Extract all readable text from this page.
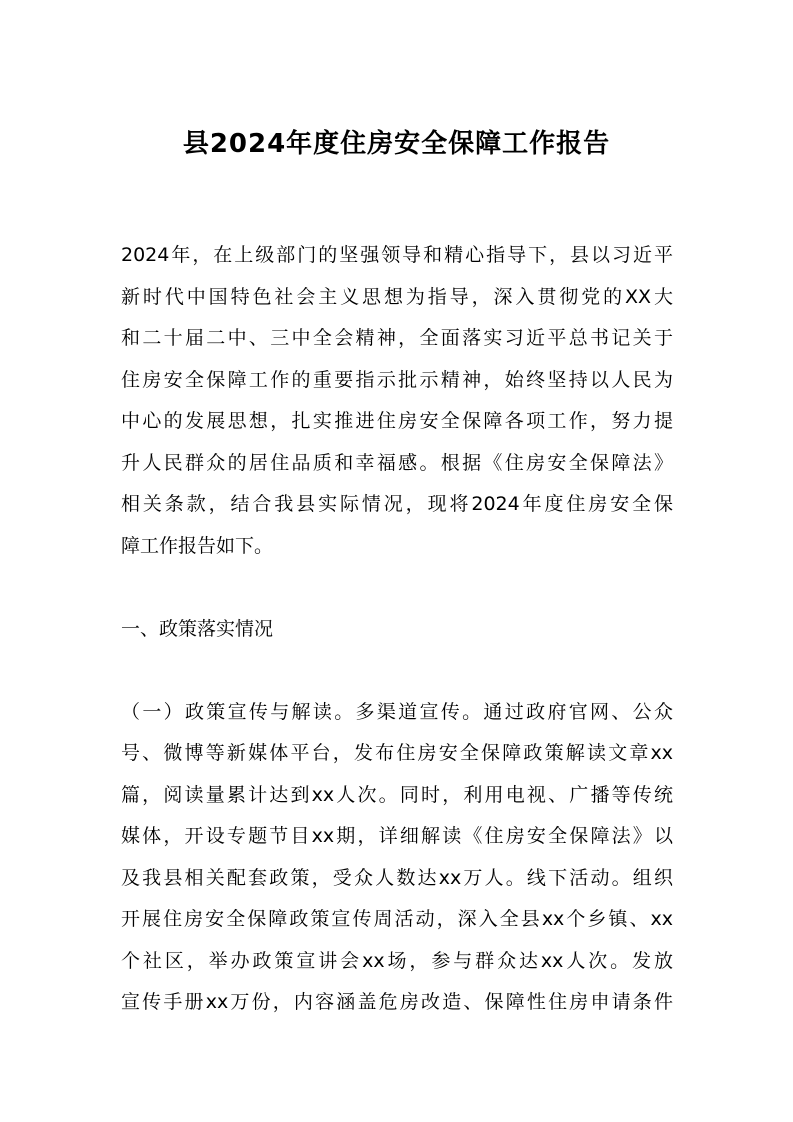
县2024年度住房安全保障工作报告
2024年，在上级部门的坚强领导和精心指导下，县以习近平
新时代中国特色社会主义思想为指导，深入贯彻党的XX大
和二十届二中、三中全会精神，全面落实习近平总书记关于
住房安全保障工作的重要指示批示精神，始终坚持以人民为
中心的发展思想，扎实推进住房安全保障各项工作，努力提
升人民群众的居住品质和幸福感。根据《住房安全保障法》
相关条款，结合我县实际情况，现将2024年度住房安全保
障工作报告如下。
一、政策落实情况
（一）政策宣传与解读。多渠道宣传。通过政府官网、公众
号、微博等新媒体平台，发布住房安全保障政策解读文章xx
篇，阅读量累计达到xx人次。同时，利用电视、广播等传统
媒体，开设专题节目xx期，详细解读《住房安全保障法》以
及我县相关配套政策，受众人数达xx万人。线下活动。组织
开展住房安全保障政策宣传周活动，深入全县xx个乡镇、xx
个社区，举办政策宣讲会xx场，参与群众达xx人次。发放
宣传手册xx万份，内容涵盖危房改造、保障性住房申请条件
